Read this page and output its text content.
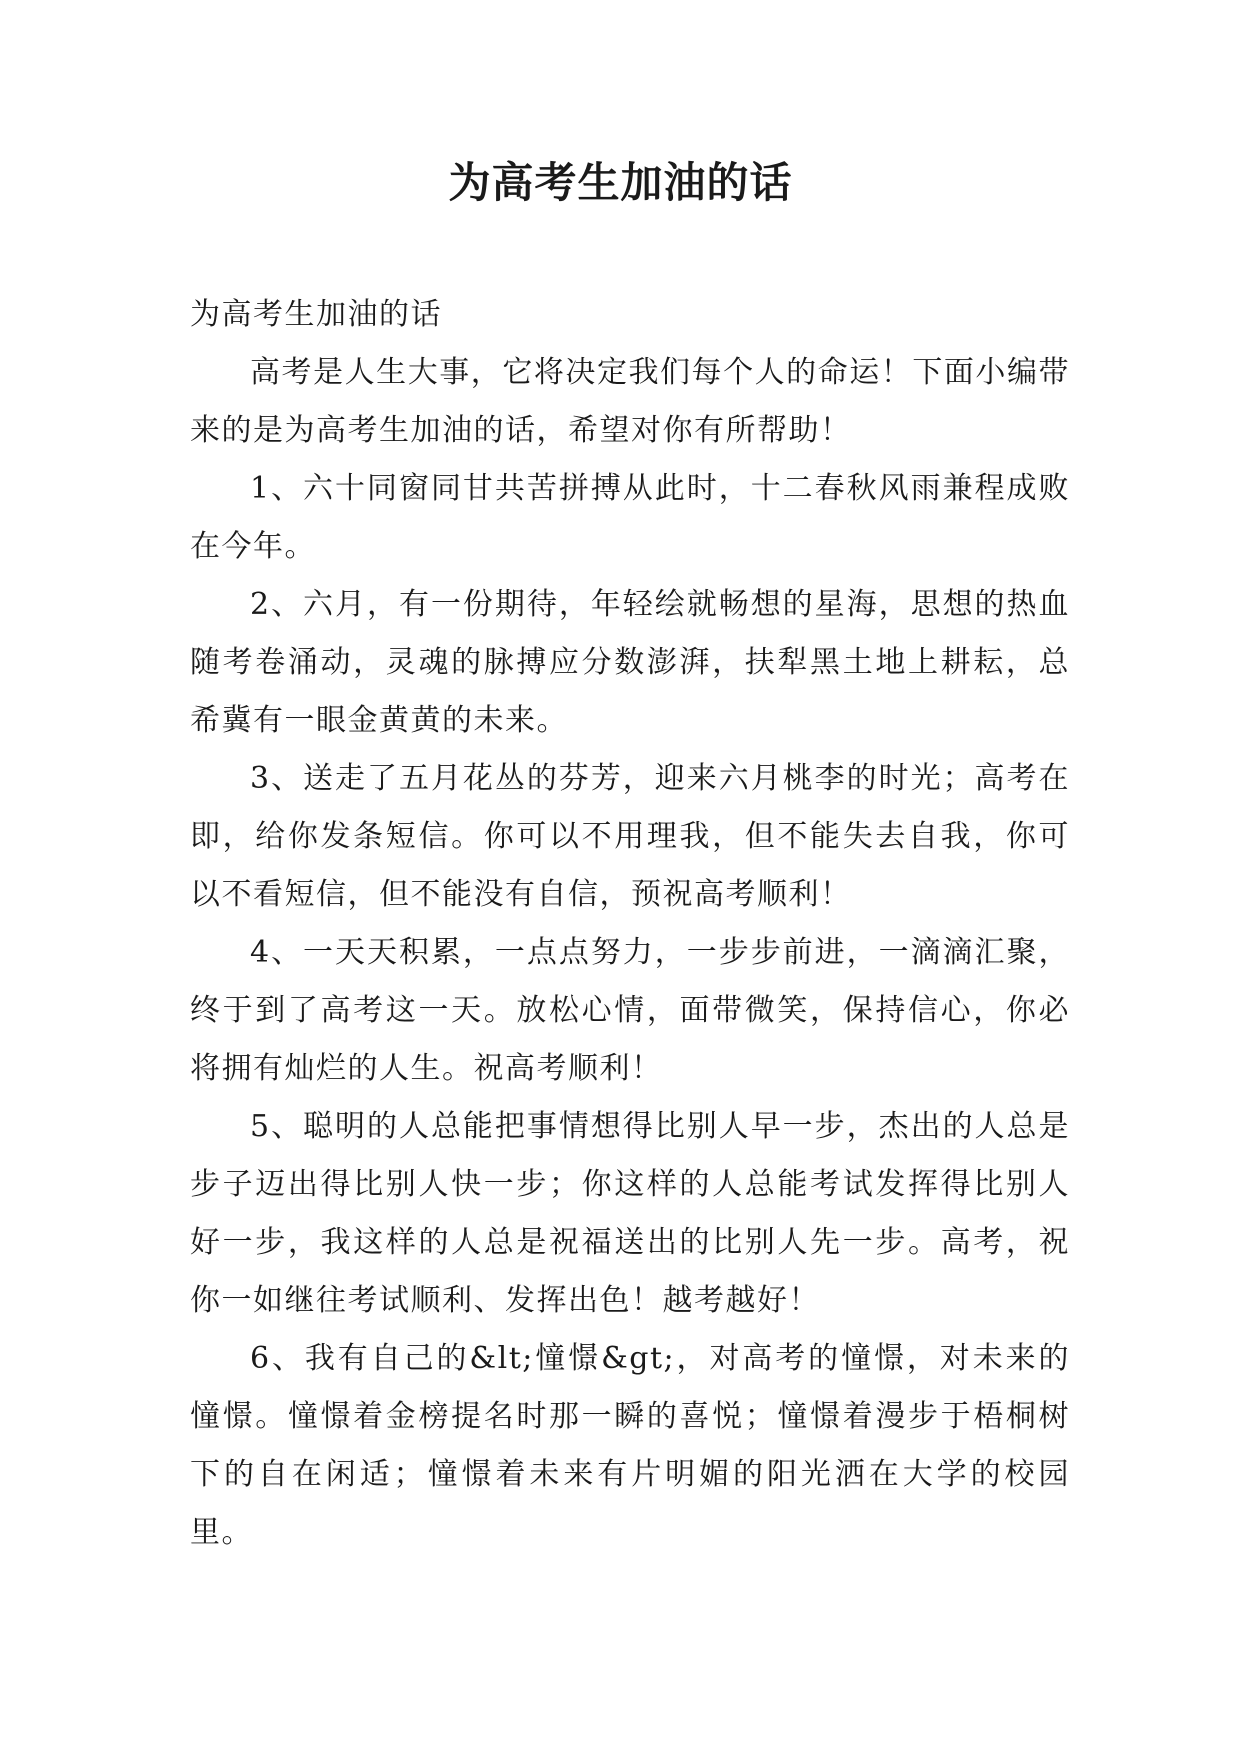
为高考生加油的话

为高考生加油的话

高考是人生大事，它将决定我们每个人的命运！下面小编带来的是为高考生加油的话，希望对你有所帮助！

1、六十同窗同甘共苦拼搏从此时，十二春秋风雨兼程成败在今年。

2、六月，有一份期待，年轻绘就畅想的星海，思想的热血随考卷涌动，灵魂的脉搏应分数澎湃，扶犁黑土地上耕耘，总希冀有一眼金黄黄的未来。

3、送走了五月花丛的芬芳，迎来六月桃李的时光；高考在即，给你发条短信。你可以不用理我，但不能失去自我，你可以不看短信，但不能没有自信，预祝高考顺利！

4、一天天积累，一点点努力，一步步前进，一滴滴汇聚，终于到了高考这一天。放松心情，面带微笑，保持信心，你必将拥有灿烂的人生。祝高考顺利！

5、聪明的人总能把事情想得比别人早一步，杰出的人总是步子迈出得比别人快一步；你这样的人总能考试发挥得比别人好一步，我这样的人总是祝福送出的比别人先一步。高考，祝你一如继往考试顺利、发挥出色！越考越好！

6、我有自己的&lt;憧憬&gt;，对高考的憧憬，对未来的憧憬。憧憬着金榜提名时那一瞬的喜悦；憧憬着漫步于梧桐树下的自在闲适；憧憬着未来有片明媚的阳光洒在大学的校园里。
